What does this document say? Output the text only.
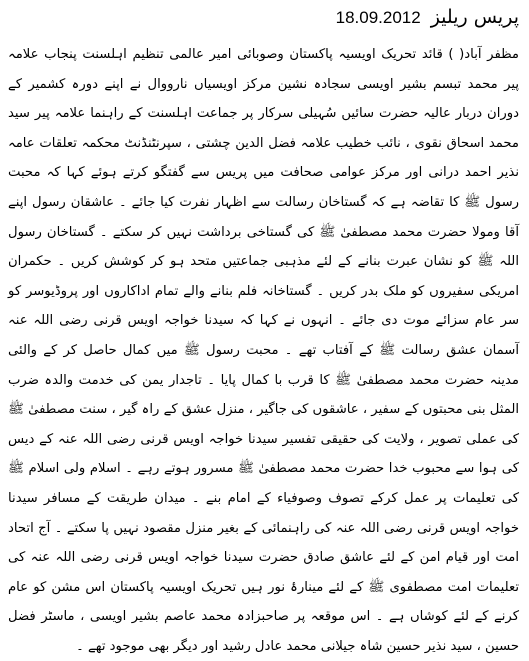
18.09.2012 پریس ریلیز

مظفر آباد( ) قائد تحریک اویسیہ پاکستان وصوبائی امیر عالمی تنظیم اہلسنت پنجاب علامہ پیر محمد تبسم بشیر اویسی سجادہ نشین مرکز اویسیاں نارووال نے اپنے دورہ کشمیر کے دوران دربار عالیہ حضرت سائیں سُہیلی سرکار پر جماعت اہلسنت کے راہنما علامہ پیر سید محمد اسحاق نقوی ، نائب خطیب علامہ فضل الدین چشتی ، سپرنٹنڈنٹ محکمہ تعلقات عامہ نذیر احمد درانی اور مرکز عوامی صحافت میں پریس سے گفتگو کرتے ہوئے کہا کہ محبت رسول ﷺ کا تقاضہ ہے کہ گستاخان رسالت سے اظہار نفرت کیا جائے ۔ عاشقان رسول اپنے آقا ومولا حضرت محمد مصطفیٰ ﷺ کی گستاخی برداشت نہیں کر سکتے ۔ گستاخان رسول اللہ ﷺ کو نشان عبرت بنانے کے لئے مذہبی جماعتیں متحد ہو کر کوشش کریں ۔ حکمران امریکی سفیروں کو ملک بدر کریں ۔ گستاخانہ فلم بنانے والے تمام اداکاروں اور پروڈیوسر کو سر عام سزائے موت دی جائے ۔ انہوں نے کہا کہ سیدنا خواجہ اویس قرنی رضی اللہ عنہ آسمان عشق رسالت ﷺ کے آفتاب تھے ۔ محبت رسول ﷺ میں کمال حاصل کر کے والئی مدینہ حضرت محمد مصطفیٰ ﷺ کا قرب با کمال پایا ۔ تاجدار یمن کی خدمت والدہ ضرب المثل بنی محبتوں کے سفیر ، عاشقوں کی جاگیر ، منزل عشق کے راہ گیر ، سنت مصطفیٰ ﷺ کی عملی تصویر ، ولایت کی حقیقی تفسیر سیدنا خواجہ اویس قرنی رضی اللہ عنہ کے دیس کی ہوا سے محبوب خدا حضرت محمد مصطفیٰ ﷺ مسرور ہوتے رہے ۔ اسلام ولی اسلام ﷺ کی تعلیمات پر عمل کرکے تصوف وصوفیاء کے امام بنے ۔ میدان طریقت کے مسافر سیدنا خواجہ اویس قرنی رضی اللہ عنہ کی راہنمائی کے بغیر منزل مقصود نہیں پا سکتے ۔ آج اتحاد امت اور قیام امن کے لئے عاشق صادق حضرت سیدنا خواجہ اویس قرنی رضی اللہ عنہ کی تعلیمات امت مصطفوی ﷺ کے لئے مینارۂ نور ہیں تحریک اویسیہ پاکستان اس مشن کو عام کرنے کے لئے کوشاں ہے ۔ اس موقعہ پر صاحبزادہ محمد عاصم بشیر اویسی ، ماسٹر فضل حسین ، سید نذیر حسین شاہ جیلانی محمد عادل رشید اور دیگر بھی موجود تھے ۔
